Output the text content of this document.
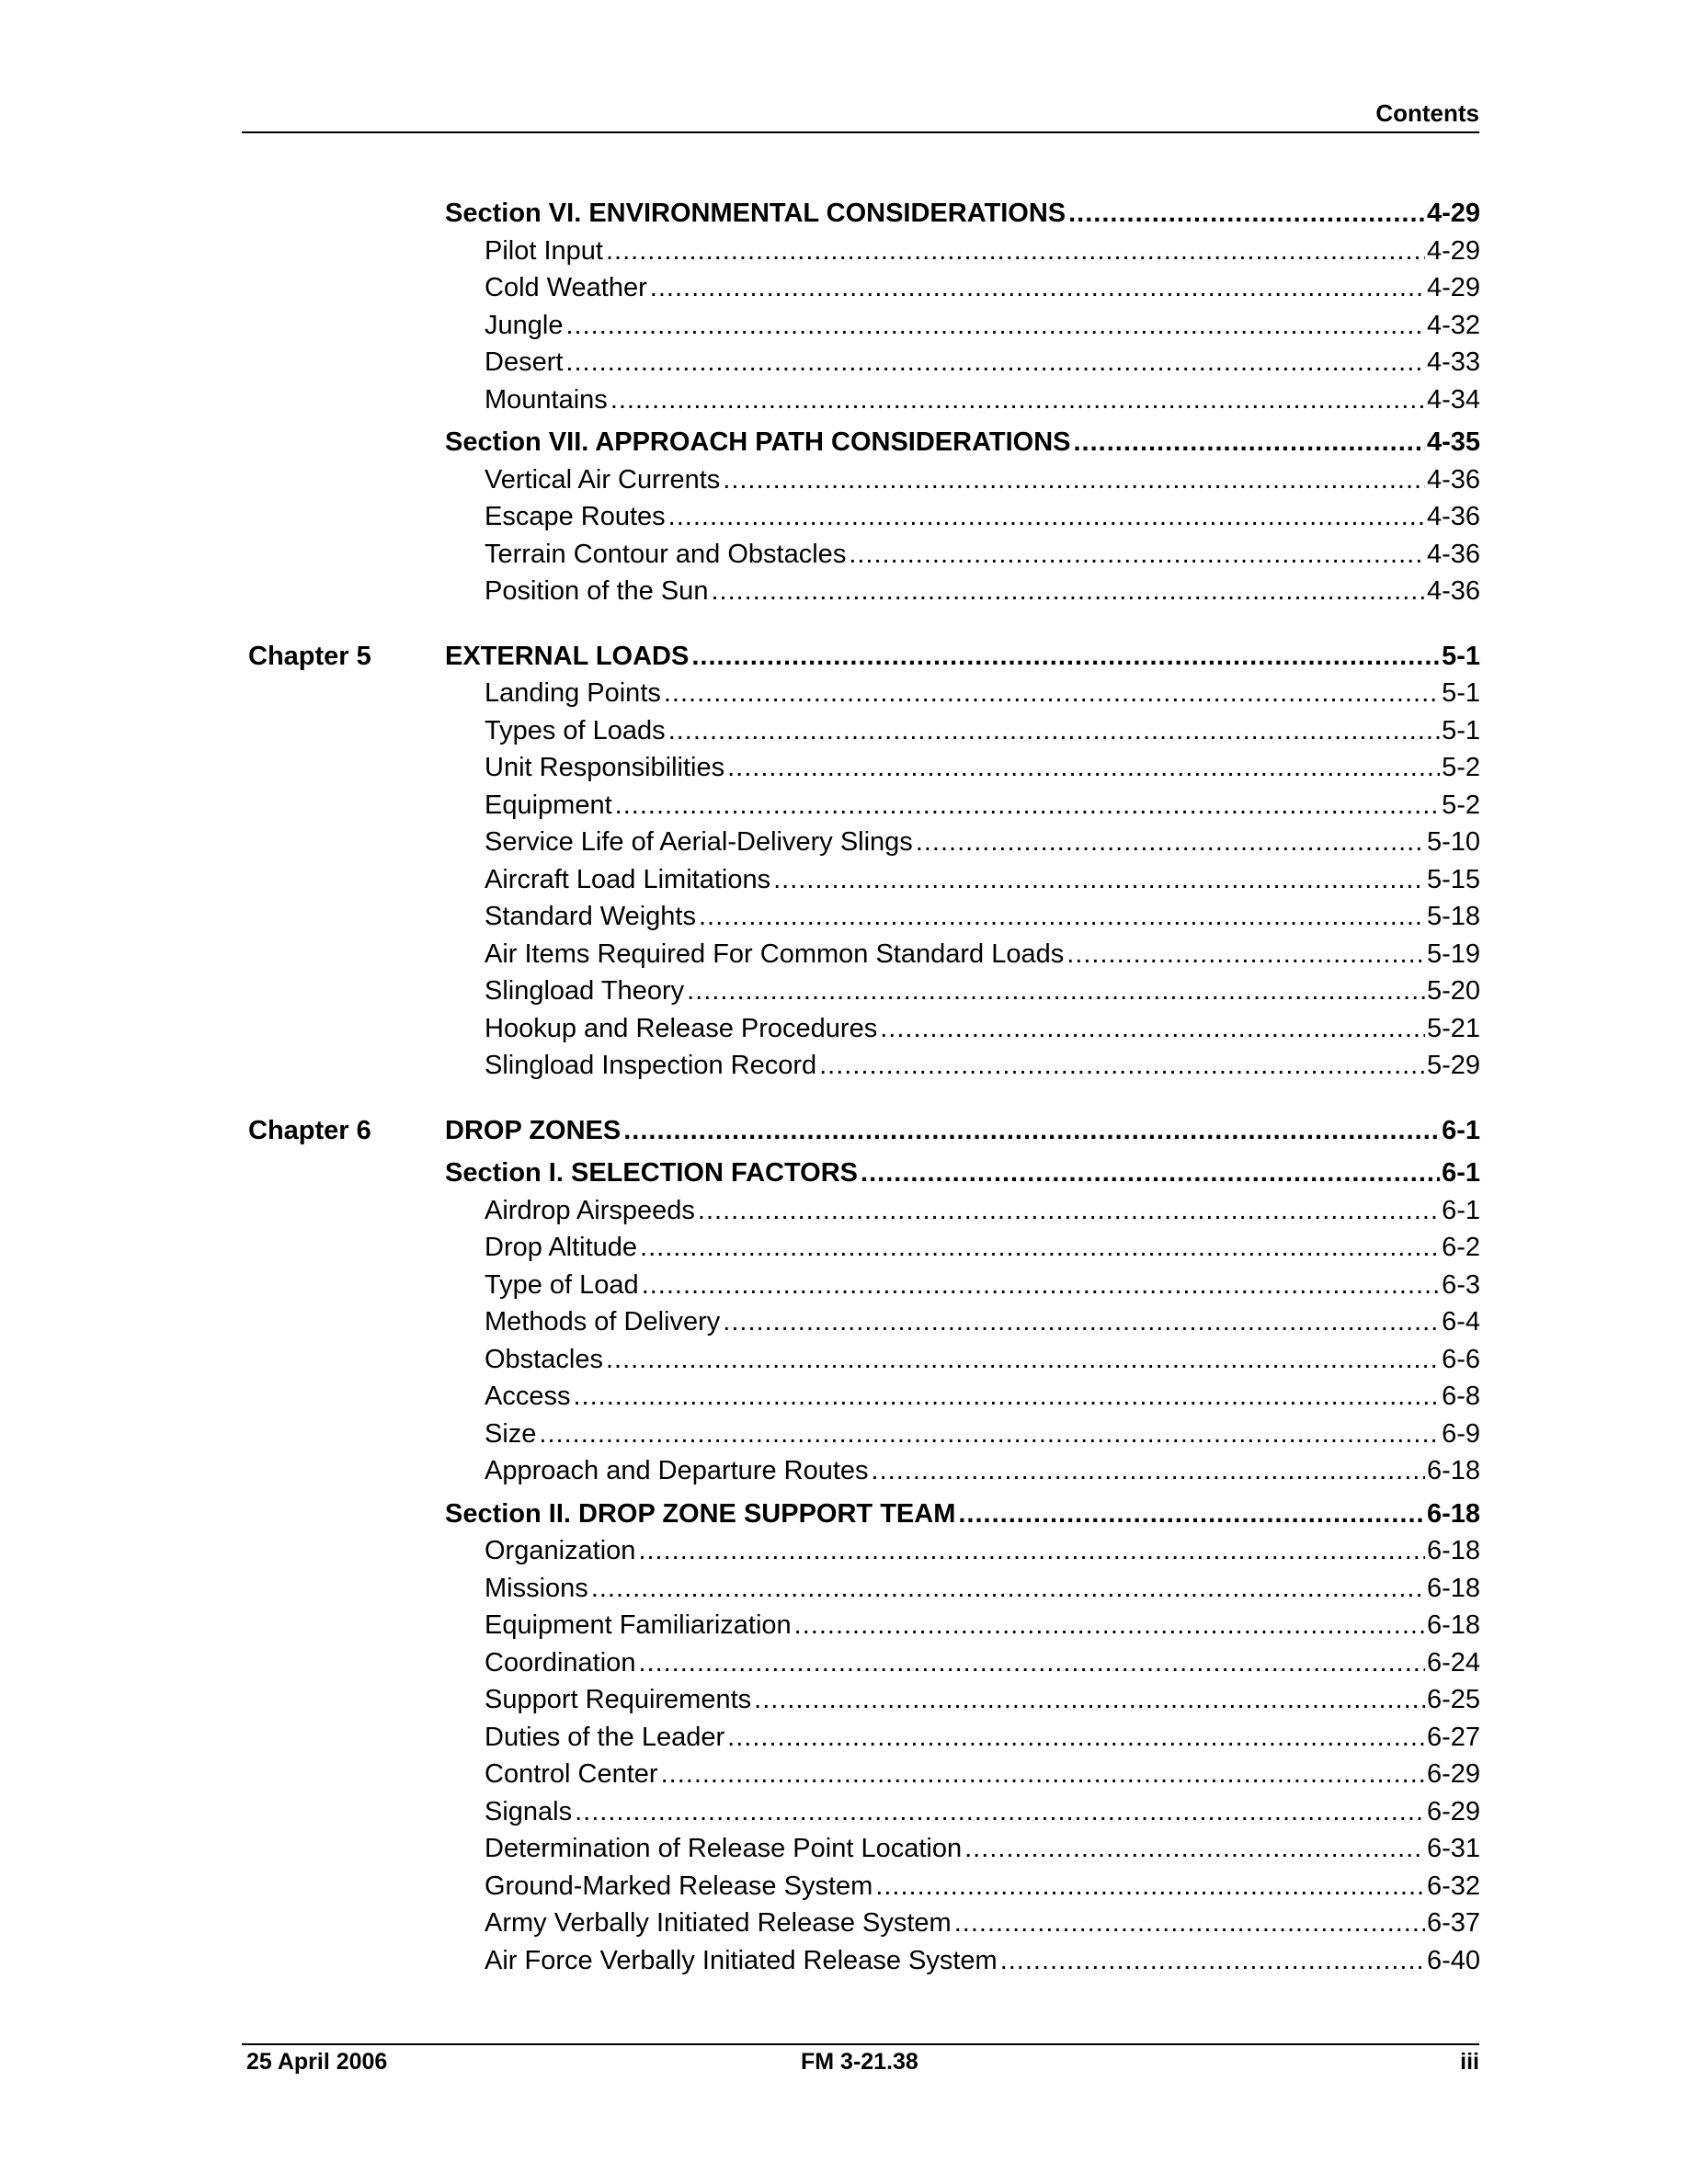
Contents
Section VI. ENVIRONMENTAL CONSIDERATIONS .....	4-29
Pilot Input .....	4-29
Cold Weather .....	4-29
Jungle .....	4-32
Desert .....	4-33
Mountains .....	4-34
Section VII. APPROACH PATH CONSIDERATIONS .....	4-35
Vertical Air Currents .....	4-36
Escape Routes .....	4-36
Terrain Contour and Obstacles .....	4-36
Position of the Sun .....	4-36
Chapter 5	EXTERNAL LOADS .....	5-1
Landing Points .....	5-1
Types of Loads .....	5-1
Unit Responsibilities .....	5-2
Equipment .....	5-2
Service Life of Aerial-Delivery Slings .....	5-10
Aircraft Load Limitations .....	5-15
Standard Weights .....	5-18
Air Items Required For Common Standard Loads .....	5-19
Slingload Theory .....	5-20
Hookup and Release Procedures .....	5-21
Slingload Inspection Record .....	5-29
Chapter 6	DROP ZONES .....	6-1
Section I. SELECTION FACTORS .....	6-1
Airdrop Airspeeds .....	6-1
Drop Altitude .....	6-2
Type of Load .....	6-3
Methods of Delivery .....	6-4
Obstacles .....	6-6
Access .....	6-8
Size .....	6-9
Approach and Departure Routes .....	6-18
Section II. DROP ZONE SUPPORT TEAM .....	6-18
Organization .....	6-18
Missions .....	6-18
Equipment Familiarization .....	6-18
Coordination .....	6-24
Support Requirements .....	6-25
Duties of the Leader .....	6-27
Control Center .....	6-29
Signals .....	6-29
Determination of Release Point Location .....	6-31
Ground-Marked Release System .....	6-32
Army Verbally Initiated Release System .....	6-37
Air Force Verbally Initiated Release System .....	6-40
25 April 2006	FM 3-21.38	iii
